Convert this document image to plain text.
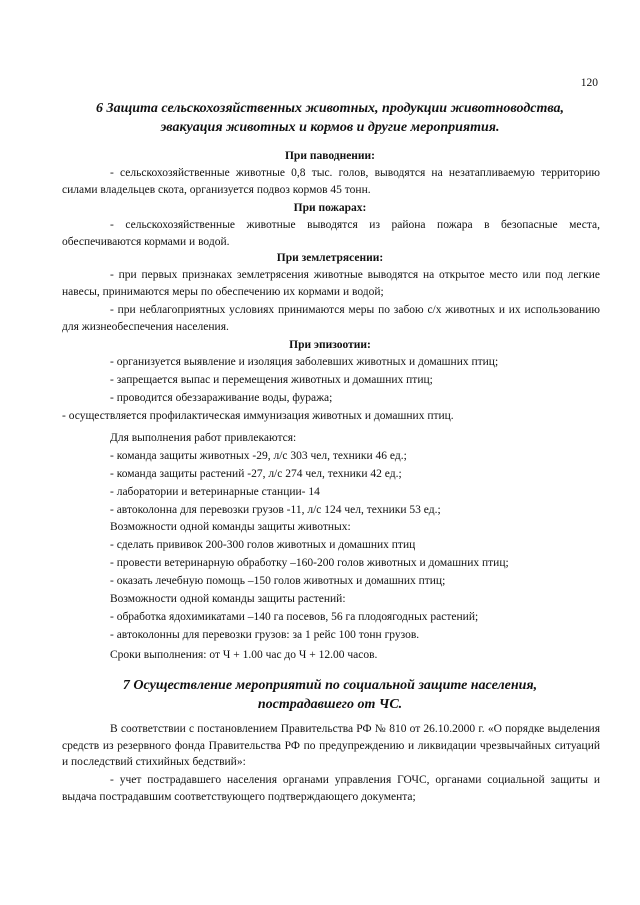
120
6 Защита сельскохозяйственных животных, продукции животноводства,
эвакуация животных и кормов и другие мероприятия.
При паводнении:
- сельскохозяйственные животные 0,8 тыс. голов, выводятся на незатапливаемую территорию силами владельцев скота, организуется подвоз кормов 45 тонн.
При пожарах:
- сельскохозяйственные животные выводятся из района пожара в безопасные места, обеспечиваются кормами и водой.
При землетрясении:
- при первых признаках землетрясения животные выводятся на открытое место или под легкие навесы, принимаются меры по обеспечению их кормами и водой;
- при неблагоприятных условиях принимаются меры по забою с/х животных и их использованию для жизнеобеспечения населения.
При эпизоотии:
- организуется выявление и изоляция заболевших животных и домашних птиц;
- запрещается выпас и перемещения животных и домашних птиц;
- проводится обеззараживание воды, фуража;
- осуществляется профилактическая иммунизация животных и домашних птиц.
Для выполнения работ привлекаются:
- команда защиты животных -29, л/с 303 чел, техники 46 ед.;
- команда защиты растений -27, л/с 274 чел, техники 42 ед.;
- лаборатории и ветеринарные станции- 14
- автоколонна для перевозки грузов -11, л/с 124 чел, техники 53 ед.;
Возможности одной команды защиты животных:
- сделать прививок 200-300 голов животных и домашних птиц
- провести ветеринарную обработку –160-200 голов животных и домашних птиц;
- оказать лечебную помощь –150 голов животных и домашних птиц;
Возможности одной команды защиты растений:
- обработка ядохимикатами –140 га посевов, 56 га плодоягодных растений;
- автоколонны для перевозки грузов: за 1 рейс 100 тонн грузов.
Сроки выполнения: от Ч + 1.00 час до Ч + 12.00 часов.
7 Осуществление мероприятий по социальной защите населения,
пострадавшего от ЧС.
В соответствии с постановлением Правительства РФ № 810 от 26.10.2000 г. «О порядке выделения средств из резервного фонда Правительства РФ по предупреждению и ликвидации чрезвычайных ситуаций и последствий стихийных бедствий»:
- учет пострадавшего населения органами управления ГОЧС, органами социальной защиты и выдача пострадавшим соответствующего подтверждающего документа;
